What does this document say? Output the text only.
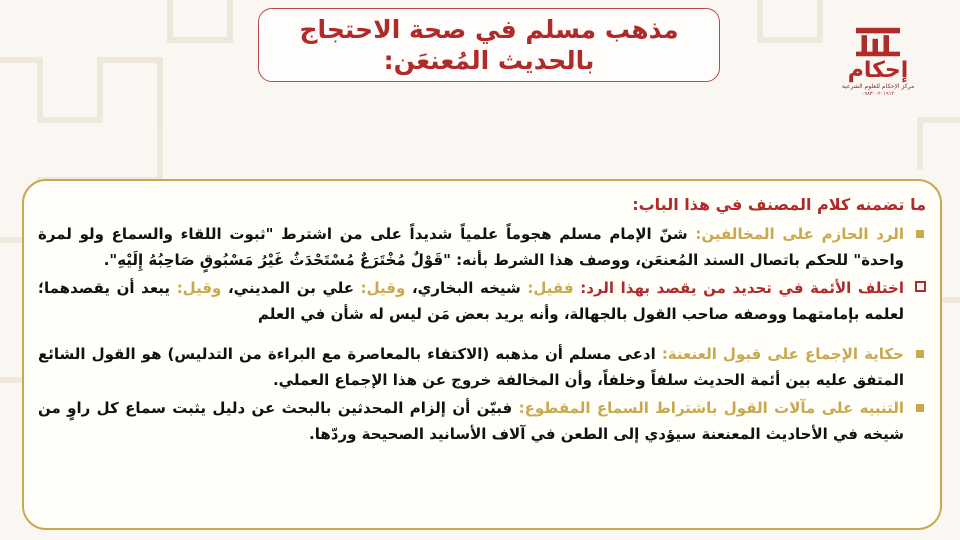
مذهب مسلم في صحة الاحتجاج
بالحديث المُعنعَن:	إحكام
مركز الإحكام للعلوم الشرعية
٠٩٨٣٠٠٢٠١٩١٢
ما تضمنه كلام المصنف في هذا الباب:
الرد الحازم على المخالفين: شنّ الإمام مسلم هجوماً علمياً شديداً على من اشترط "ثبوت اللقاء والسماع ولو لمرة واحدة" للحكم باتصال السند المُعنعَن، ووصف هذا الشرط بأنه: "قَوْلٌ مُخْتَرَعٌ مُسْتَحْدَثٌ غَيْرُ مَسْبُوقٍ صَاحِبُهُ إِلَيْهِ".
اختلف الأئمة في تحديد من يقصد بهذا الرد: فقيل: شيخه البخاري، وقيل: علي بن المديني، وقيل: يبعد أن يقصدهما؛ لعلمه بإمامتهما ووصفه صاحب القول بالجهالة، وأنه يريد بعض مَن ليس له شأن في العلم
حكاية الإجماع على قبول العنعنة: ادعى مسلم أن مذهبه (الاكتفاء بالمعاصرة مع البراءة من التدليس) هو القول الشائع المتفق عليه بين أئمة الحديث سلفاً وخلفاً، وأن المخالفة خروج عن هذا الإجماع العملي.
التنبيه على مآلات القول باشتراط السماع المقطوع: فبيّن أن إلزام المحدثين بالبحث عن دليل يثبت سماع كل راوٍ من شيخه في الأحاديث المعنعنة سيؤدي إلى الطعن في آلاف الأسانيد الصحيحة وردّها.
